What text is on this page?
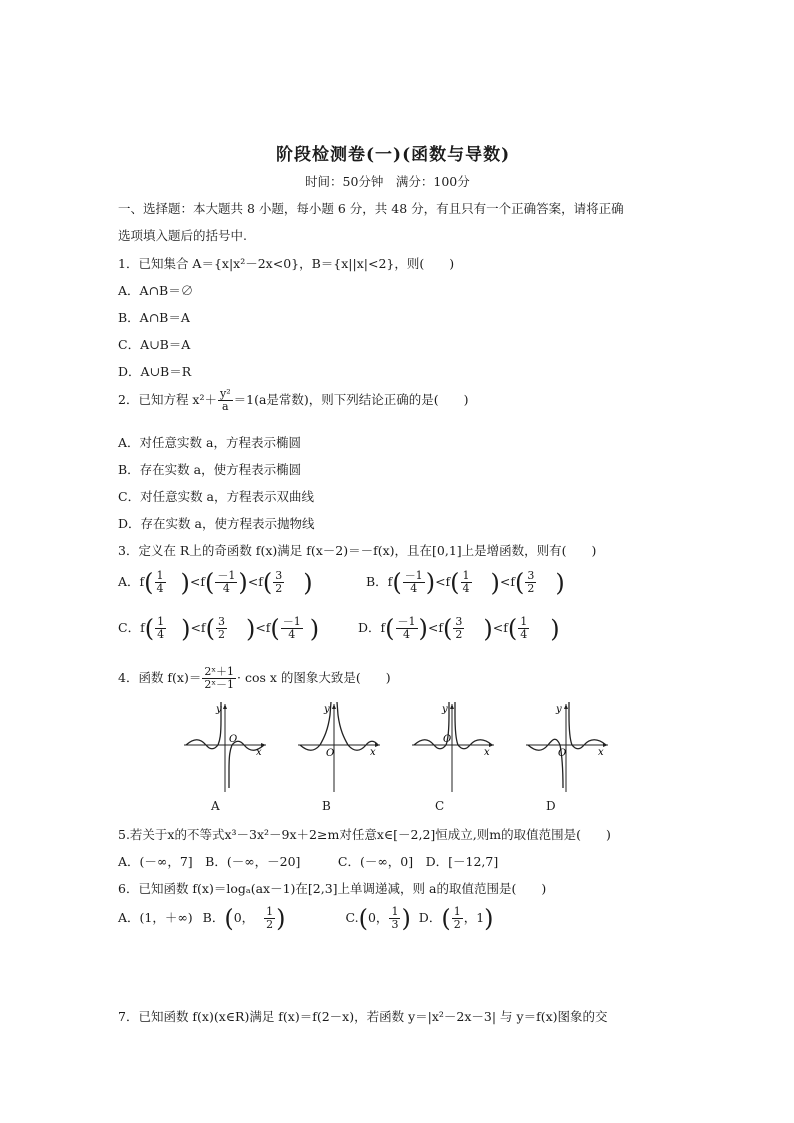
阶段检测卷(一)(函数与导数)
时间：50分钟　满分：100分
一、选择题：本大题共 8 小题，每小题 6 分，共 48 分，有且只有一个正确答案，请将正确
选项填入题后的括号中.
1．已知集合 A＝{x|x²－2x<0}，B＝{x||x|<2}，则(　　)
A．A∩B＝∅
B．A∩B＝A
C．A∪B＝A
D．A∪B＝R
2．已知方程 $x^2+ \frac{\text{y²}}{a} =1(a$是常数)，则下列结论正确的是(　　)
A．对任意实数 a，方程表示椭圆
B．存在实数 a，使方程表示椭圆
C．对任意实数 a，方程表示双曲线
D．存在实数 a，使方程表示抛物线
3．定义在 R上的奇函数 f(x)满足 f(x－2)＝－f(x)，且在[0,1]上是增函数，则有(　　)
A．$f( \frac{1}{4} )<f( \frac{-1}{4} )<f( \frac{3}{2}$ )	B．$f( \frac{-1}{4} )<f( \frac{1}{4} )<f( \frac{3}{2}$ )
C．$f( \frac{1}{4} )<f( \frac{3}{2} )<f( \frac{-1}{4}$ )	D．$f( \frac{-1}{4} )<f( \frac{3}{2} )<f( \frac{1}{4}$ )
4．函数 $f(x)= \frac{\text{2ˣ＋1}}{\text{2ˣ－1}} \cdot \cos x$ 的图象大致是(　　)
y
x
O
y
x
O
y
x
O
y
x
O
A	B	C	D
5.若关于x的不等式x³－3x²－9x＋2≥m对任意x∈[－2,2]恒成立,则m的取值范围是(　　)
A．(－∞，7]　B．(－∞，－20]　　　C．(－∞，0]　D．[－12,7]
6．已知函数 f(x)＝logₐ(ax－1)在[2,3]上单调递减，则 a的取值范围是(　　)
A．(1，＋∞) B．(0， $\frac{1}{2}$ )	C.(0， $\frac{1}{3}$ ) D．( $\frac{1}{2}$ ，1)
7．已知函数 f(x)(x∈R)满足 f(x)＝f(2－x)，若函数 y＝|x²－2x－3| 与 y＝f(x)图象的交
